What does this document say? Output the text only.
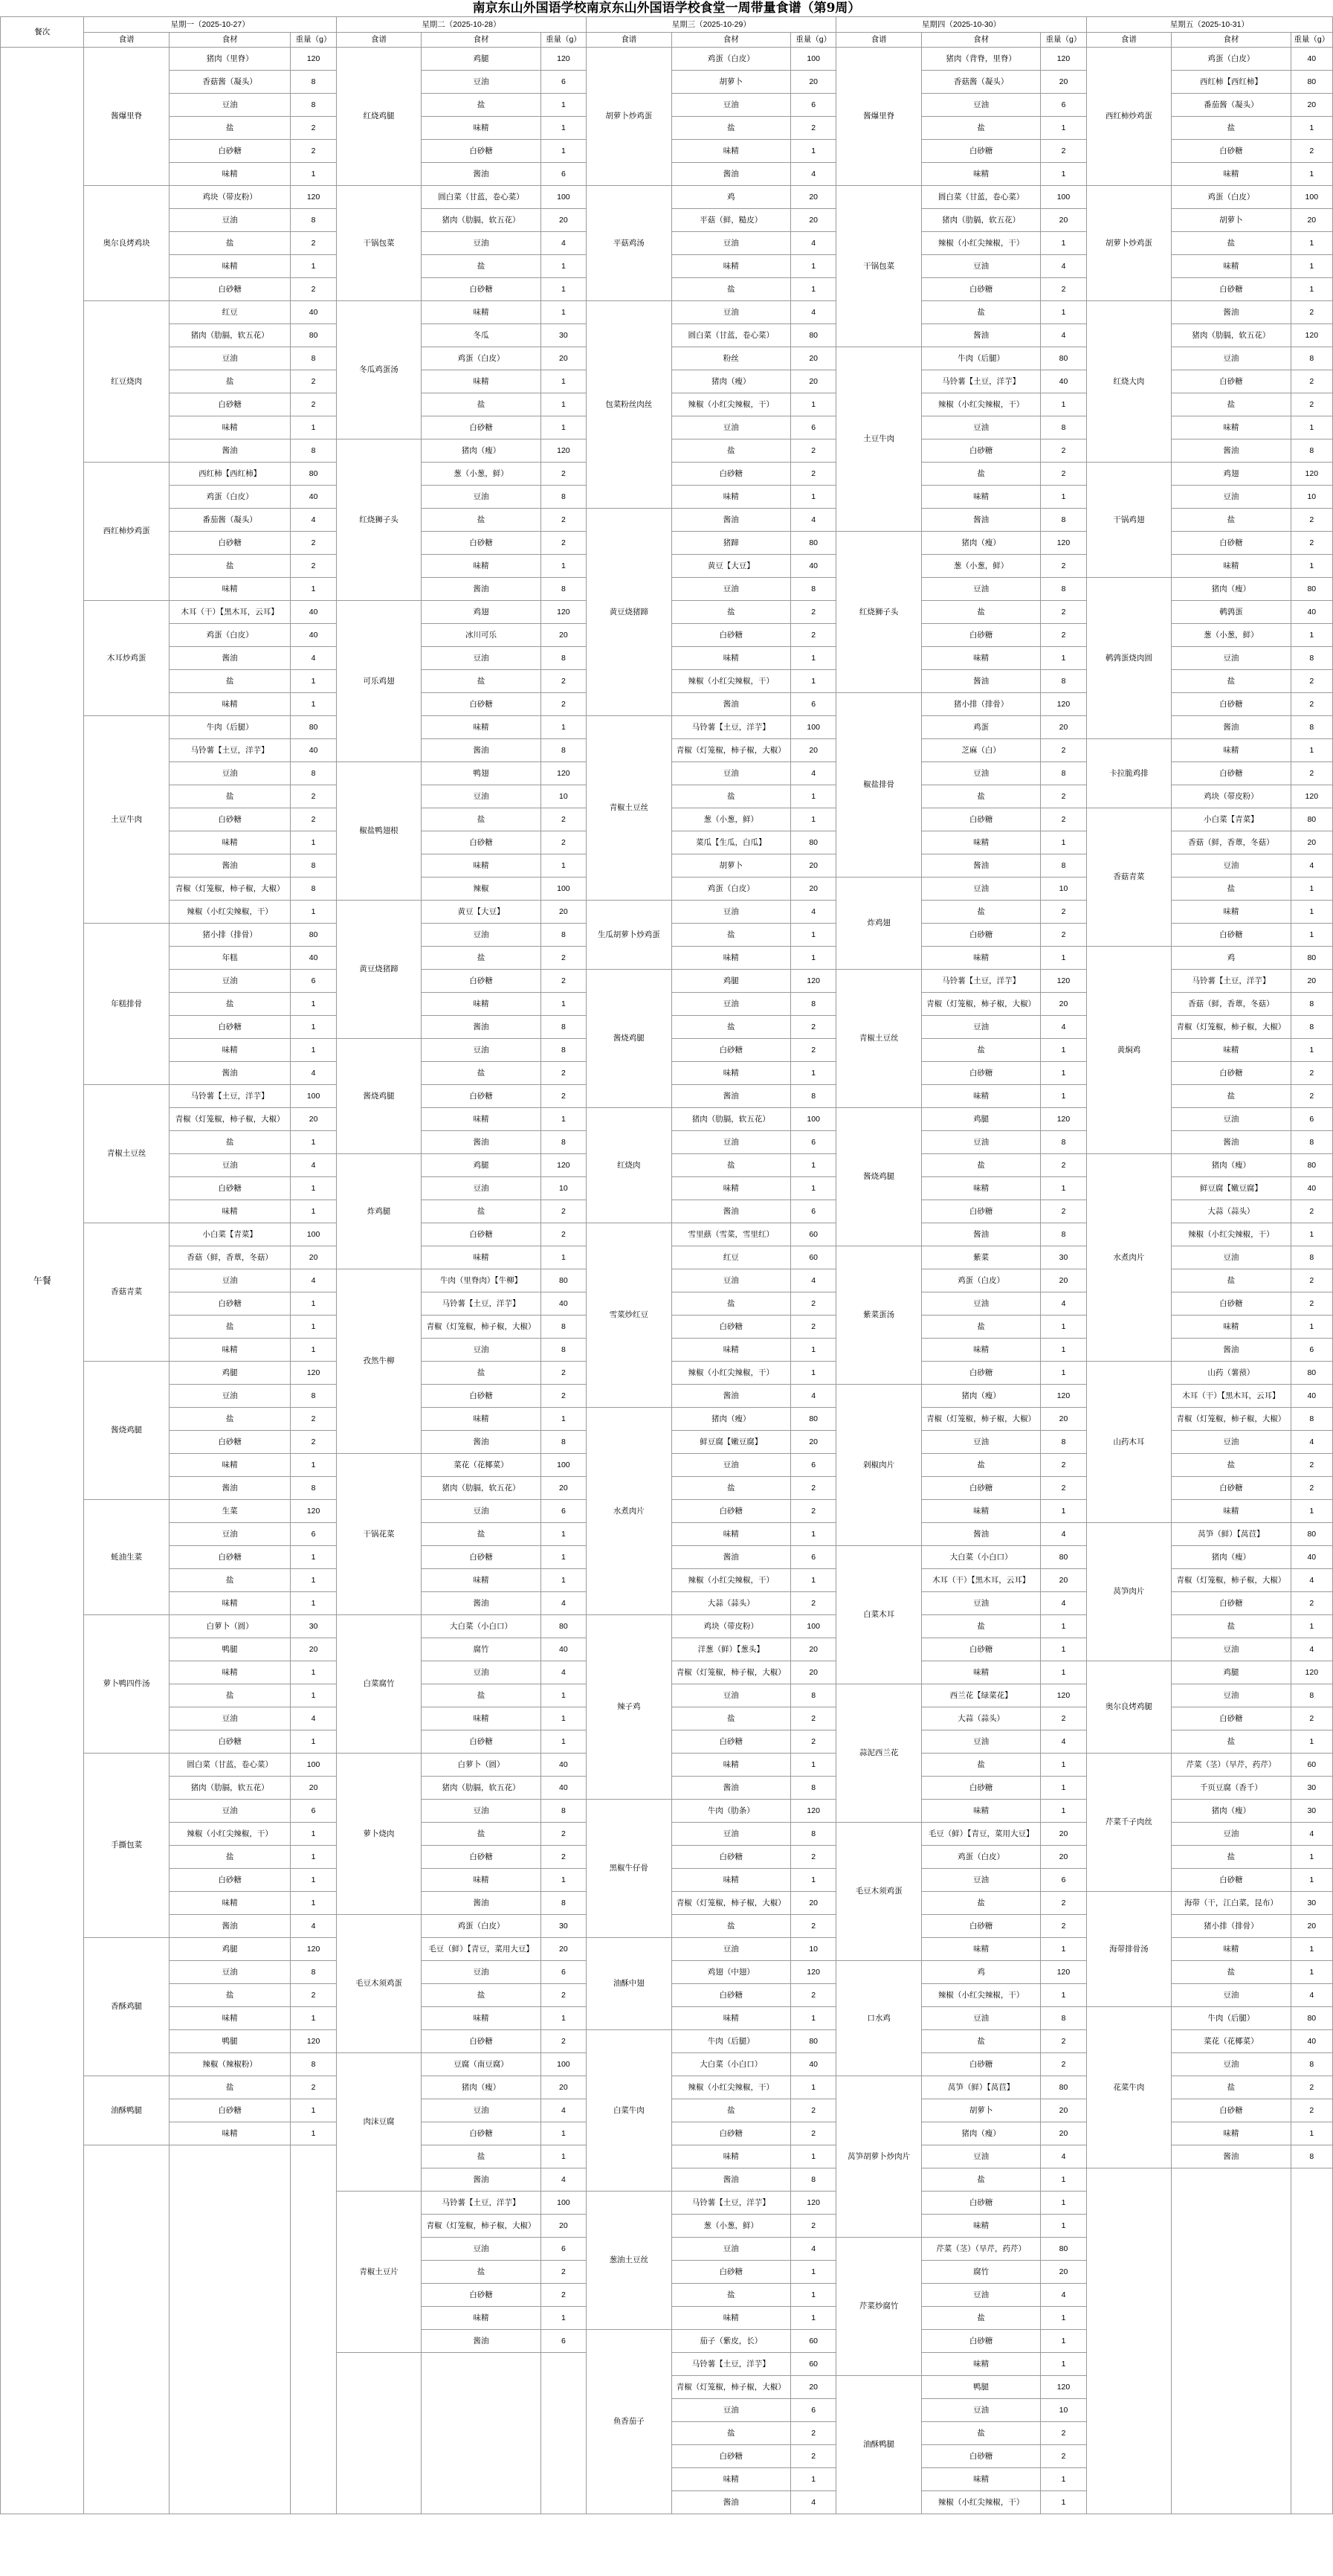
南京东山外国语学校南京东山外国语学校食堂一周带量食谱（第9周）
餐次	星期一（2025-10-27）			星期二（2025-10-28）			星期三（2025-10-29）			星期四（2025-10-30）			星期五（2025-10-31）		
	食谱	食材	重量（g）	食谱	食材	重量（g）	食谱	食材	重量（g）	食谱	食材	重量（g）	食谱	食材	重量（g）
午餐	酱爆里脊	猪肉（里脊）	120	红烧鸡腿	鸡腿	120	胡萝卜炒鸡蛋	鸡蛋（白皮）	100	酱爆里脊	猪肉（背脊，里脊）	120	西红柿炒鸡蛋	鸡蛋（白皮）	40
		香菇酱（凝头）	8		豆油	6		胡萝卜	20		香菇酱（凝头）	20		西红柿【西红柿】	80
		豆油	8		盐	1		豆油	6		豆油	6		番茄酱（凝头）	20
		盐	2		味精	1		盐	2		盐	1		盐	1
		白砂糖	2		白砂糖	1		味精	1		白砂糖	2		白砂糖	2
		味精	1		酱油	6		酱油	4		味精	1		味精	1
	奥尔良烤鸡块	鸡块（带皮粉）	120	干锅包菜	圆白菜（甘蓝，卷心菜）	100	平菇鸡汤	鸡	20	干锅包菜	圆白菜（甘蓝，卷心菜）	100	胡萝卜炒鸡蛋	鸡蛋（白皮）	100
		豆油	8		猪肉（肋膈，软五花）	20		平菇（鲜，糙皮）	20		猪肉（肋膈，软五花）	20		胡萝卜	20
		盐	2		豆油	4		豆油	4		辣椒（小红尖辣椒，干）	1		盐	1
		味精	1		盐	1		味精	1		豆油	4		味精	1
		白砂糖	2		白砂糖	1		盐	1		白砂糖	2		白砂糖	1
	红豆烧肉	红豆	40	冬瓜鸡蛋汤	味精	1	包菜粉丝肉丝	豆油	4		盐	1	红烧大肉	酱油	2
		猪肉（肋膈，软五花）	80		冬瓜	30		圆白菜（甘蓝，卷心菜）	80		酱油	4		猪肉（肋膈，软五花）	120
		豆油	8		鸡蛋（白皮）	20		粉丝	20	土豆牛肉	牛肉（后腿）	80		豆油	8
		盐	2		味精	1		猪肉（瘦）	20		马铃薯【土豆，洋芋】	40		白砂糖	2
		白砂糖	2		盐	1		辣椒（小红尖辣椒，干）	1		辣椒（小红尖辣椒，干）	1		盐	2
		味精	1		白砂糖	1		豆油	6		豆油	8		味精	1
		酱油	8	红烧狮子头	猪肉（瘦）	120		盐	2		白砂糖	2		酱油	8
	西红柿炒鸡蛋	西红柿【西红柿】	80		葱（小葱，鲜）	2		白砂糖	2		盐	2	干锅鸡翅	鸡翅	120
		鸡蛋（白皮）	40		豆油	8		味精	1		味精	1		豆油	10
		番茄酱（凝头）	4		盐	2	黄豆烧猪蹄	酱油	4		酱油	8		盐	2
		白砂糖	2		白砂糖	2		猪蹄	80	红烧狮子头	猪肉（瘦）	120		白砂糖	2
		盐	2		味精	1		黄豆【大豆】	40		葱（小葱，鲜）	2		味精	1
		味精	1		酱油	8		豆油	8		豆油	8	鹌鹑蛋烧肉圆	猪肉（瘦）	80
	木耳炒鸡蛋	木耳（干）【黑木耳，云耳】	40	可乐鸡翅	鸡翅	120		盐	2		盐	2		鹌鹑蛋	40
		鸡蛋（白皮）	40		冰川可乐	20		白砂糖	2		白砂糖	2		葱（小葱，鲜）	1
		酱油	4		豆油	8		味精	1		味精	1		豆油	8
		盐	1		盐	2		辣椒（小红尖辣椒，干）	1		酱油	8		盐	2
		味精	1		白砂糖	2		酱油	6	椒盐排骨	猪小排（排骨）	120		白砂糖	2
	土豆牛肉	牛肉（后腿）	80		味精	1	青椒土豆丝	马铃薯【土豆，洋芋】	100		鸡蛋	20		酱油	8
		马铃薯【土豆，洋芋】	40		酱油	8		青椒（灯笼椒，柿子椒，大椒）	20		芝麻（白）	2	卡拉脆鸡排	味精	1
		豆油	8	椒盐鸭翅根	鸭翅	120		豆油	4		豆油	8		白砂糖	2
		盐	2		豆油	10		盐	1		盐	2		鸡块（带皮粉）	120
		白砂糖	2		盐	2		葱（小葱，鲜）	1		白砂糖	2	香菇青菜	小白菜【青菜】	80
		味精	1		白砂糖	2		菜瓜【生瓜，白瓜】	80		味精	1		香菇（鲜，香蕈，冬菇）	20
		酱油	8		味精	1		胡萝卜	20		酱油	8		豆油	4
		青椒（灯笼椒，柿子椒，大椒）	8		辣椒	100		鸡蛋（白皮）	20	炸鸡翅	豆油	10		盐	1
		辣椒（小红尖辣椒，干）	1	黄豆烧猪蹄	黄豆【大豆】	20	生瓜胡萝卜炒鸡蛋	豆油	4		盐	2		味精	1
	年糕排骨	猪小排（排骨）	80		豆油	8		盐	1		白砂糖	2		白砂糖	1
		年糕	40		盐	2		味精	1		味精	1	黄焖鸡	鸡	80
		豆油	6		白砂糖	2	酱烧鸡腿	鸡腿	120	青椒土豆丝	马铃薯【土豆，洋芋】	120		马铃薯【土豆，洋芋】	20
		盐	1		味精	1		豆油	8		青椒（灯笼椒，柿子椒，大椒）	20		香菇（鲜，香蕈，冬菇）	8
		白砂糖	1		酱油	8		盐	2		豆油	4		青椒（灯笼椒，柿子椒，大椒）	8
		味精	1	酱烧鸡腿	豆油	8		白砂糖	2		盐	1		味精	1
		酱油	4		盐	2		味精	1		白砂糖	1		白砂糖	2
	青椒土豆丝	马铃薯【土豆，洋芋】	100		白砂糖	2		酱油	8		味精	1		盐	2
		青椒（灯笼椒，柿子椒，大椒）	20		味精	1	红烧肉	猪肉（肋膈，软五花）	100	酱烧鸡腿	鸡腿	120		豆油	6
		盐	1		酱油	8		豆油	6		豆油	8		酱油	8
		豆油	4	炸鸡腿	鸡腿	120		盐	1		盐	2	水煮肉片	猪肉（瘦）	80
		白砂糖	1		豆油	10		味精	1		味精	1		鲜豆腐【嫩豆腐】	40
		味精	1		盐	2		酱油	6		白砂糖	2		大蒜（蒜头）	2
	香菇青菜	小白菜【青菜】	100		白砂糖	2	雪菜炒红豆	雪里蕻（雪菜，雪里红）	60		酱油	8		辣椒（小红尖辣椒，干）	1
		香菇（鲜，香蕈，冬菇）	20		味精	1		红豆	60	紫菜蛋汤	紫菜	30		豆油	8
		豆油	4	孜然牛柳	牛肉（里脊肉）【牛柳】	80		豆油	4		鸡蛋（白皮）	20		盐	2
		白砂糖	1		马铃薯【土豆，洋芋】	40		盐	2		豆油	4		白砂糖	2
		盐	1		青椒（灯笼椒，柿子椒，大椒）	8		白砂糖	2		盐	1		味精	1
		味精	1		豆油	8		味精	1		味精	1		酱油	6
	酱烧鸡腿	鸡腿	120		盐	2		辣椒（小红尖辣椒，干）	1		白砂糖	1	山药木耳	山药（薯蓣）	80
		豆油	8		白砂糖	2		酱油	4	剁椒肉片	猪肉（瘦）	120		木耳（干）【黑木耳，云耳】	40
		盐	2		味精	1	水煮肉片	猪肉（瘦）	80		青椒（灯笼椒，柿子椒，大椒）	20		青椒（灯笼椒，柿子椒，大椒）	8
		白砂糖	2		酱油	8		鲜豆腐【嫩豆腐】	20		豆油	8		豆油	4
		味精	1	干锅花菜	菜花（花椰菜）	100		豆油	6		盐	2		盐	2
		酱油	8		猪肉（肋膈，软五花）	20		盐	2		白砂糖	2		白砂糖	2
	蚝油生菜	生菜	120		豆油	6		白砂糖	2		味精	1		味精	1
		豆油	6		盐	1		味精	1		酱油	4	莴笋肉片	莴笋（鲜）【莴苣】	80
		白砂糖	1		白砂糖	1		酱油	6	白菜木耳	大白菜（小白口）	80		猪肉（瘦）	40
		盐	1		味精	1		辣椒（小红尖辣椒，干）	1		木耳（干）【黑木耳，云耳】	20		青椒（灯笼椒，柿子椒，大椒）	4
		味精	1		酱油	4		大蒜（蒜头）	2		豆油	4		白砂糖	2
	萝卜鸭四件汤	白萝卜（圆）	30	白菜腐竹	大白菜（小白口）	80	辣子鸡	鸡块（带皮粉）	100		盐	1		盐	1
		鸭腿	20		腐竹	40		洋葱（鲜）【葱头】	20		白砂糖	1		豆油	4
		味精	1		豆油	4		青椒（灯笼椒，柿子椒，大椒）	20		味精	1	奥尔良烤鸡腿	鸡腿	120
		盐	1		盐	1		豆油	8	蒜泥西兰花	西兰花【绿菜花】	120		豆油	8
		豆油	4		味精	1		盐	2		大蒜（蒜头）	2		白砂糖	2
		白砂糖	1		白砂糖	1		白砂糖	2		豆油	4		盐	1
	手撕包菜	圆白菜（甘蓝，卷心菜）	100	萝卜烧肉	白萝卜（圆）	40		味精	1		盐	1	芹菜千子肉丝	芹菜（茎）（旱芹，药芹）	60
		猪肉（肋膈，软五花）	20		猪肉（肋膈，软五花）	40		酱油	8		白砂糖	1		千页豆腐（香千）	30
		豆油	6		豆油	8	黑椒牛仔骨	牛肉（肋条）	120		味精	1		猪肉（瘦）	30
		辣椒（小红尖辣椒，干）	1		盐	2		豆油	8	毛豆木须鸡蛋	毛豆（鲜）【青豆，菜用大豆】	20		豆油	4
		盐	1		白砂糖	2		白砂糖	2		鸡蛋（白皮）	20		盐	1
		白砂糖	1		味精	1		味精	1		豆油	6		白砂糖	1
		味精	1		酱油	8		青椒（灯笼椒，柿子椒，大椒）	20		盐	2	海带排骨汤	海带（干，江白菜，昆布）	30
		酱油	4	毛豆木须鸡蛋	鸡蛋（白皮）	30		盐	2		白砂糖	2		猪小排（排骨）	20
	香酥鸡腿	鸡腿	120		毛豆（鲜）【青豆，菜用大豆】	20	油酥中翅	豆油	10		味精	1		味精	1
		豆油	8		豆油	6		鸡翅（中翅）	120	口水鸡	鸡	120		盐	1
		盐	2		盐	2		白砂糖	2		辣椒（小红尖辣椒，干）	1		豆油	4
		味精	1		味精	1		味精	1		豆油	8	花菜牛肉	牛肉（后腿）	80
		鸭腿	120		白砂糖	2	白菜牛肉	牛肉（后腿）	80		盐	2		菜花（花椰菜）	40
		辣椒（辣椒粉）	8	肉沫豆腐	豆腐（南豆腐）	100		大白菜（小白口）	40		白砂糖	2		豆油	8
	油酥鸭腿	盐	2		猪肉（瘦）	20		辣椒（小红尖辣椒，干）	1	莴笋胡萝卜炒肉片	莴笋（鲜）【莴苣】	80		盐	2
		白砂糖	1		豆油	4		盐	2		胡萝卜	20		白砂糖	2
		味精	1		白砂糖	1		白砂糖	2		猪肉（瘦）	20		味精	1
					盐	1		味精	1		豆油	4		酱油	8
					酱油	4		酱油	8		盐	1			
				青椒土豆片	马铃薯【土豆，洋芋】	100	葱油土豆丝	马铃薯【土豆，洋芋】	120		白砂糖	1			
					青椒（灯笼椒，柿子椒，大椒）	20		葱（小葱，鲜）	2		味精	1			
					豆油	6		豆油	4	芹菜炒腐竹	芹菜（茎）（旱芹，药芹）	80			
					盐	2		白砂糖	1		腐竹	20			
					白砂糖	2		盐	1		豆油	4			
					味精	1		味精	1		盐	1			
					酱油	6	鱼香茄子	茄子（紫皮，长）	60		白砂糖	1			
								马铃薯【土豆，洋芋】	60		味精	1			
								青椒（灯笼椒，柿子椒，大椒）	20	油酥鸭腿	鸭腿	120			
								豆油	6		豆油	10			
								盐	2		盐	2			
								白砂糖	2		白砂糖	2			
								味精	1		味精	1			
								酱油	4		辣椒（小红尖辣椒，干）	1			
